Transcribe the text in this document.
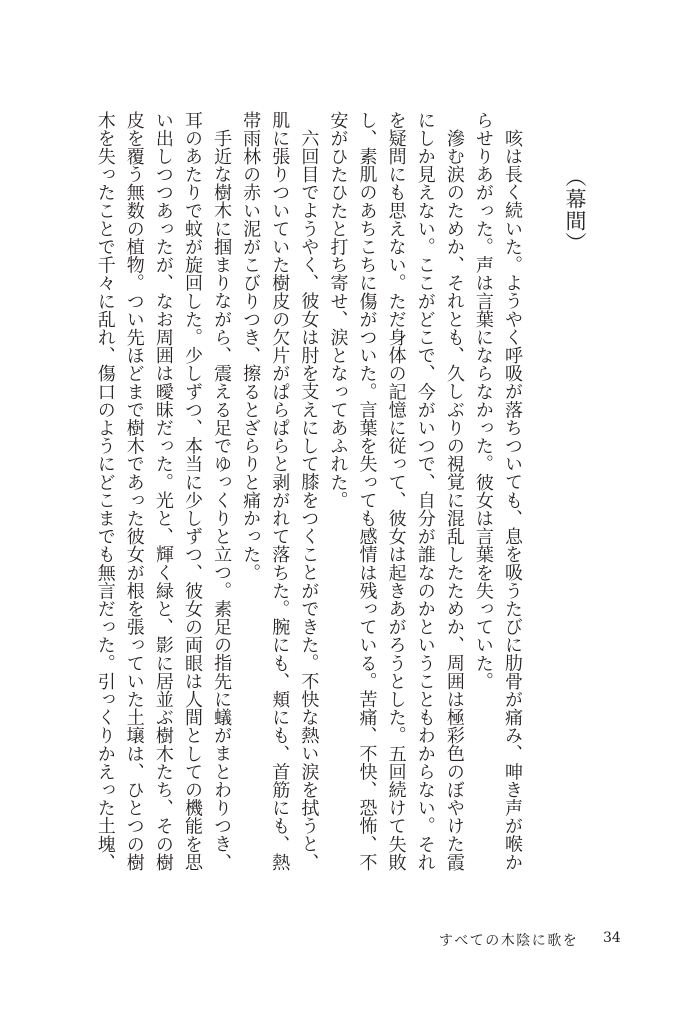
（幕間）
咳は長く続いた。ようやく呼吸が落ちついても、息を吸うたびに肋骨が痛み、呻き声が喉か
らせりあがった。声は言葉にならなかった。彼女は言葉を失っていた。
滲む涙のためか、それとも、久しぶりの視覚に混乱したためか、周囲は極彩色のぼやけた霞
にしか見えない。ここがどこで、今がいつで、自分が誰なのかということもわからない。それ
を疑問にも思えない。ただ身体の記憶に従って、彼女は起きあがろうとした。五回続けて失敗
し、素肌のあちこちに傷がついた。言葉を失っても感情は残っている。苦痛、不快、恐怖、不
安がひたひたと打ち寄せ、涙となってあふれた。
六回目でようやく、彼女は肘を支えにして膝をつくことができた。不快な熱い涙を拭うと、
肌に張りついていた樹皮の欠片がぱらぱらと剥がれて落ちた。腕にも、頬にも、首筋にも、熱
帯雨林の赤い泥がこびりつき、擦るとざらりと痛かった。
手近な樹木に掴まりながら、震える足でゆっくりと立つ。素足の指先に蟻がまとわりつき、
耳のあたりで蚊が旋回した。少しずつ、本当に少しずつ、彼女の両眼は人間としての機能を思
い出しつつあったが、なお周囲は曖昧だった。光と、輝く緑と、影に居並ぶ樹木たち、その樹
皮を覆う無数の植物。つい先ほどまで樹木であった彼女が根を張っていた土壌は、ひとつの樹
木を失ったことで千々に乱れ、傷口のようにどこまでも無言だった。引っくりかえった土塊、
すべての木陰に歌を 34
